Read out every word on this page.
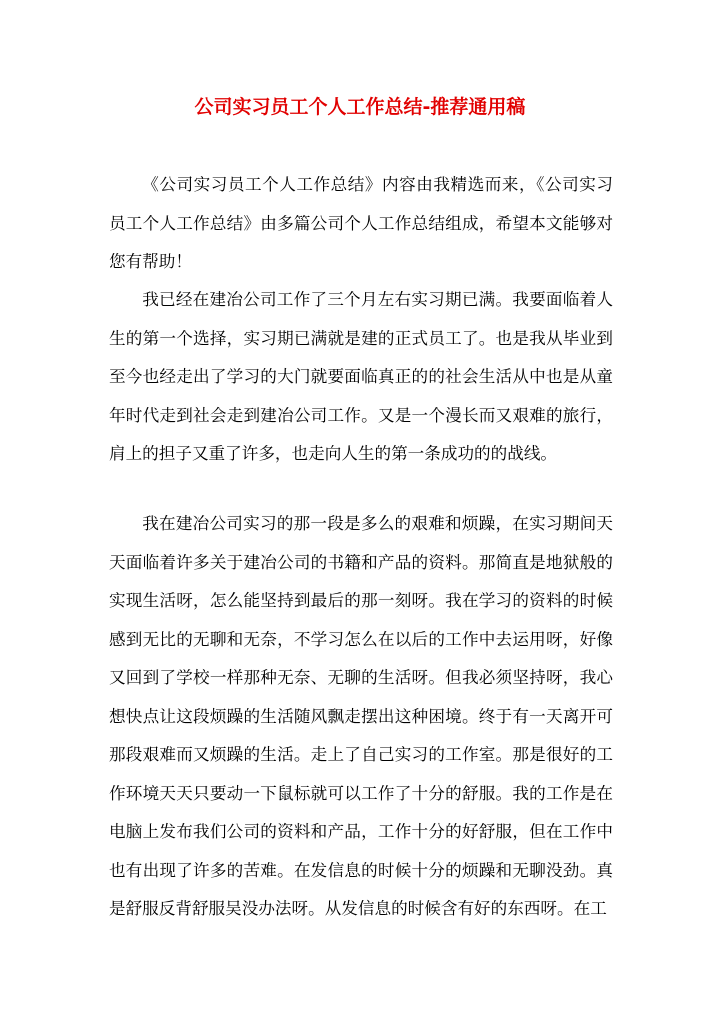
公司实习员工个人工作总结-推荐通用稿

《公司实习员工个人工作总结》内容由我精选而来，《公司实习员工个人工作总结》由多篇公司个人工作总结组成，希望本文能够对您有帮助！

我已经在建冶公司工作了三个月左右实习期已满。我要面临着人生的第一个选择，实习期已满就是建的正式员工了。也是我从毕业到至今也经走出了学习的大门就要面临真正的的社会生活从中也是从童年时代走到社会走到建冶公司工作。又是一个漫长而又艰难的旅行，肩上的担子又重了许多，也走向人生的第一条成功的的战线。

我在建冶公司实习的那一段是多么的艰难和烦躁，在实习期间天天面临着许多关于建冶公司的书籍和产品的资料。那简直是地狱般的实现生活呀，怎么能坚持到最后的那一刻呀。我在学习的资料的时候感到无比的无聊和无奈，不学习怎么在以后的工作中去运用呀，好像又回到了学校一样那种无奈、无聊的生活呀。但我必须坚持呀，我心想快点让这段烦躁的生活随风飘走摆出这种困境。终于有一天离开可那段艰难而又烦躁的生活。走上了自己实习的工作室。那是很好的工作环境天天只要动一下鼠标就可以工作了十分的舒服。我的工作是在电脑上发布我们公司的资料和产品，工作十分的好舒服，但在工作中也有出现了许多的苦难。在发信息的时候十分的烦躁和无聊没劲。真是舒服反背舒服吴没办法呀。从发信息的时候含有好的东西呀。在工
